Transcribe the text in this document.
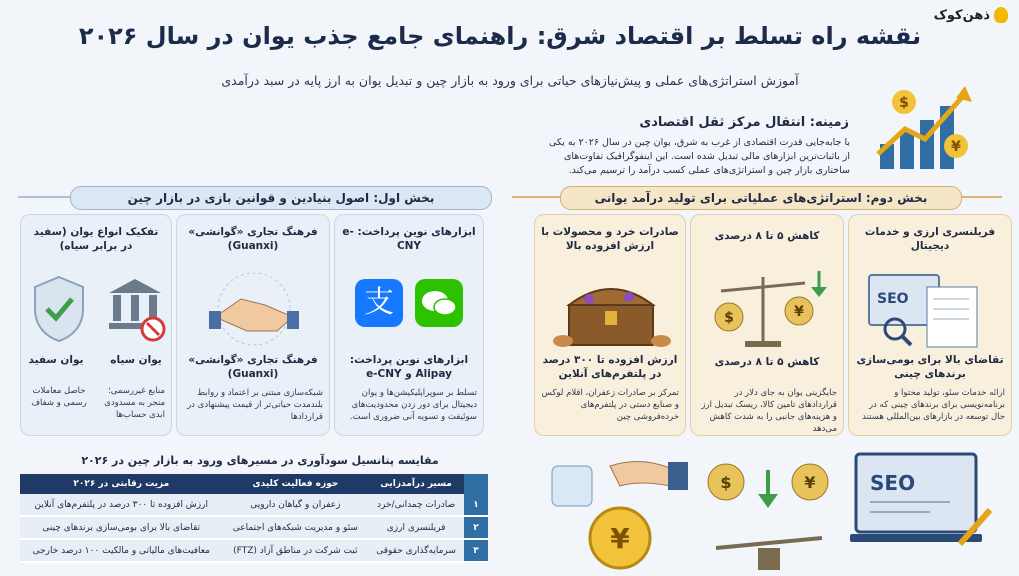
ذهن‌کوک
نقشه راه تسلط بر اقتصاد شرق: راهنمای جامع جذب یوان در سال ۲۰۲۶
آموزش استراتژی‌های عملی و پیش‌نیازهای حیاتی برای ورود به بازار چین و تبدیل یوان به ارز پایه در سبد درآمدی
زمینه: انتقال مرکز ثقل اقتصادی
با جابه‌جایی قدرت اقتصادی از غرب به شرق، یوان چین در سال ۲۰۲۶ به یکی از باثبات‌ترین ابزارهای مالی تبدیل شده است. این اینفوگرافیک تفاوت‌های ساختاری بازار چین و استراتژی‌های عملی کسب درآمد را ترسیم می‌کند.
$
¥
بخش اول: اصول بنیادین و قوانین بازی در بازار چین	بخش دوم: استراتژی‌های عملیاتی برای تولید درآمد یوانی
ابزارهای نوین پرداخت: e-CNY
支
ابزارهای نوین پرداخت: Alipay و e-CNY
تسلط بر سوپراپلیکیشن‌ها و یوان دیجیتال برای دور زدن محدودیت‌های سوئیفت و تسویه آنی ضروری است.
فرهنگ تجاری «گوانشی» (Guanxi)
فرهنگ تجاری «گوانشی» (Guanxi)
شبکه‌سازی مبتنی بر اعتماد و روابط بلندمدت حیاتی‌تر از قیمت پیشنهادی در قراردادها
تفکیک انواع یوان (سفید در برابر سیاه)
یوان سیاه
یوان سفید
منابع غیررسمی؛ منجر به مسدودی ابدی حساب‌ها
حاصل معاملات رسمی و شفاف
فریلنسری ارزی و خدمات دیجیتال
SEO
تقاضای بالا برای بومی‌سازی برندهای چینی
ارائه خدمات سئو، تولید محتوا و برنامه‌نویسی برای برندهای چینی که در حال توسعه در بازارهای بین‌المللی هستند
کاهش ۵ تا ۸ درصدی
$	¥
کاهش ۵ تا ۸ درصدی
جایگزینی یوان به جای دلار در قراردادهای تامین کالا، ریسک تبدیل ارز و هزینه‌های جانبی را به شدت کاهش می‌دهد
صادرات خرد و محصولات با ارزش افزوده بالا
ارزش افزوده تا ۳۰۰ درصد در پلتفرم‌های آنلاین
تمرکز بر صادرات زعفران، اقلام لوکس و صنایع دستی در پلتفرم‌های خرده‌فروشی چین
مقایسه پتانسیل سودآوری در مسیرهای ورود به بازار چین در ۲۰۲۶
	مسیر درآمدزایی	حوزه فعالیت کلیدی	مزیت رقابتی در ۲۰۲۶
۱	صادرات چمدانی/خرد	زعفران و گیاهان دارویی	ارزش افزوده تا ۳۰۰ درصد در پلتفرم‌های آنلاین
۲	فریلنسری ارزی	سئو و مدیریت شبکه‌های اجتماعی	تقاضای بالا برای بومی‌سازی برندهای چینی
۳	سرمایه‌گذاری حقوقی	ثبت شرکت در مناطق آزاد (FTZ)	معافیت‌های مالیاتی و مالکیت ۱۰۰ درصد خارجی	¥
$	¥	SEO
